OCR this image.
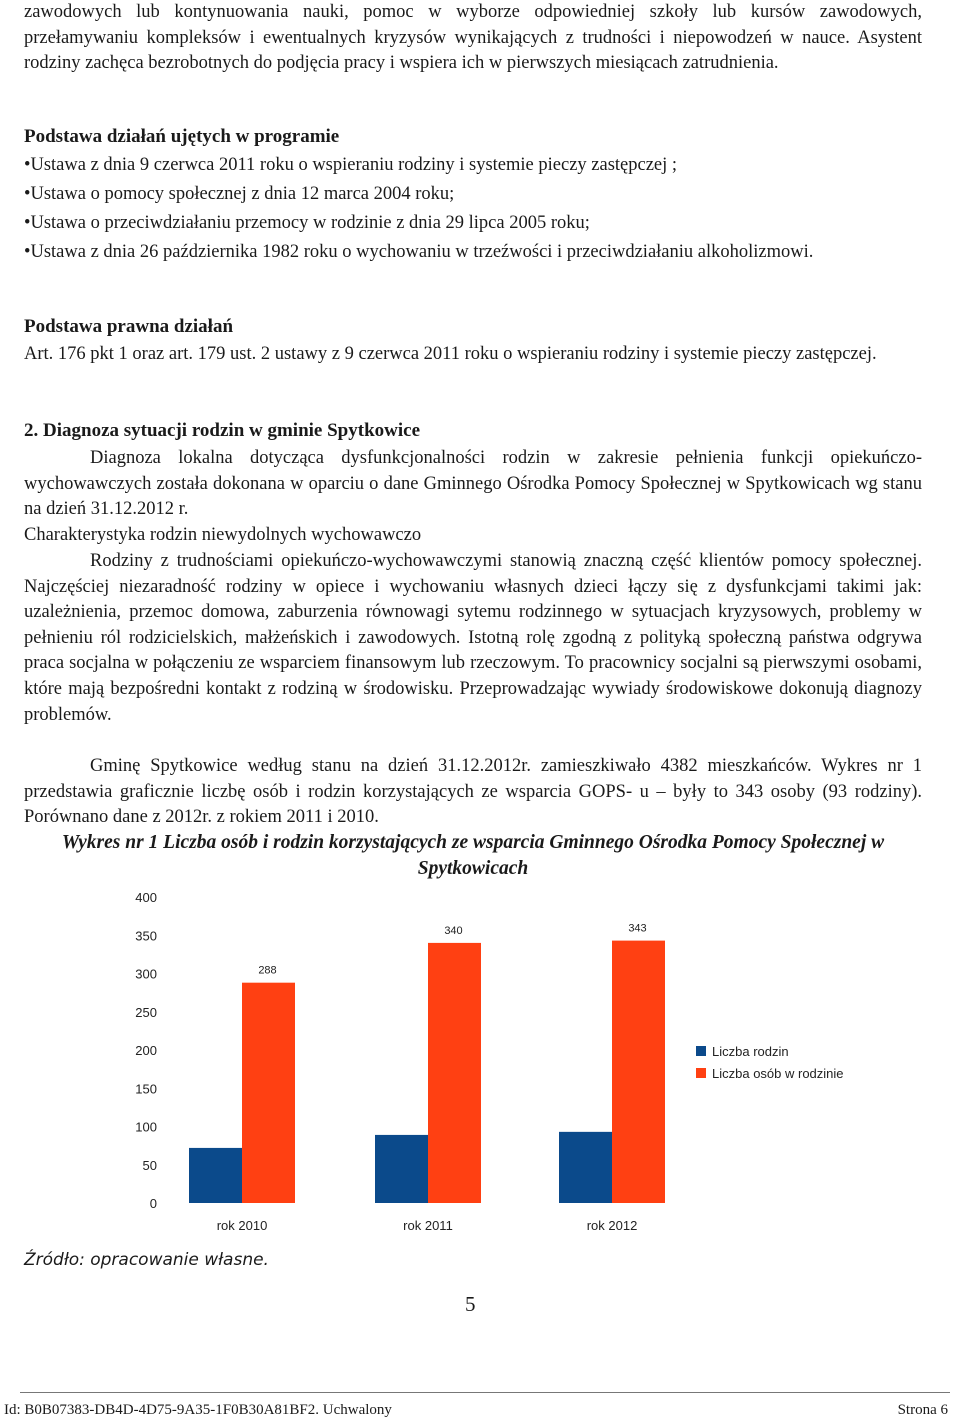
zawodowych lub kontynuowania nauki, pomoc w wyborze odpowiedniej szkoły lub kursów zawodowych, przełamywaniu kompleksów i ewentualnych kryzysów wynikających z trudności i niepowodzeń w nauce. Asystent rodziny zachęca bezrobotnych do podjęcia pracy i wspiera ich w pierwszych miesiącach zatrudnienia.

Podstawa działań ujętych w programie

•Ustawa z dnia 9 czerwca 2011 roku o wspieraniu rodziny i systemie pieczy zastępczej ;

•Ustawa o pomocy społecznej z dnia 12 marca 2004 roku;

•Ustawa o przeciwdziałaniu przemocy w rodzinie z dnia 29 lipca 2005 roku;

•Ustawa z dnia 26 października 1982 roku o wychowaniu w trzeźwości i przeciwdziałaniu alkoholizmowi.

Podstawa prawna działań

Art. 176 pkt 1 oraz art. 179 ust. 2 ustawy z 9 czerwca 2011 roku o wspieraniu rodziny i systemie pieczy zastępczej.

2. Diagnoza sytuacji rodzin w gminie Spytkowice

Diagnoza lokalna dotycząca dysfunkcjonalności rodzin w zakresie pełnienia funkcji opiekuńczo- wychowawczych została dokonana w oparciu o dane Gminnego Ośrodka Pomocy Społecznej w Spytkowicach wg stanu na dzień 31.12.2012 r.

Charakterystyka rodzin niewydolnych wychowawczo

Rodziny z trudnościami opiekuńczo-wychowawczymi stanowią znaczną część klientów pomocy społecznej. Najczęściej niezaradność rodziny w opiece i wychowaniu własnych dzieci łączy się z dysfunkcjami takimi jak: uzależnienia, przemoc domowa, zaburzenia równowagi sytemu rodzinnego w sytuacjach kryzysowych, problemy w pełnieniu ról rodzicielskich, małżeńskich i zawodowych. Istotną rolę zgodną z polityką społeczną państwa odgrywa praca socjalna w połączeniu ze wsparciem finansowym lub rzeczowym. To pracownicy socjalni są pierwszymi osobami, które mają bezpośredni kontakt z rodziną w środowisku. Przeprowadzając wywiady środowiskowe dokonują diagnozy problemów.

Gminę Spytkowice według stanu na dzień 31.12.2012r. zamieszkiwało 4382 mieszkańców. Wykres nr 1 przedstawia graficznie liczbę osób i rodzin korzystających ze wsparcia GOPS- u – były to 343 osoby (93 rodziny). Porównano dane z 2012r. z rokiem 2011 i 2010.

Wykres nr 1 Liczba osób i rodzin korzystających ze wsparcia Gminnego Ośrodka Pomocy Społecznej w Spytkowicach

0
50
100
150
200
250
300
350
400
288
rok 2010
340
rok 2011
343
rok 2012
Liczba rodzin
Liczba osób w rodzinie

Źródło: opracowanie własne.

5

Id: B0B07383-DB4D-4D75-9A35-1F0B30A81BF2. Uchwalony	Strona 6
